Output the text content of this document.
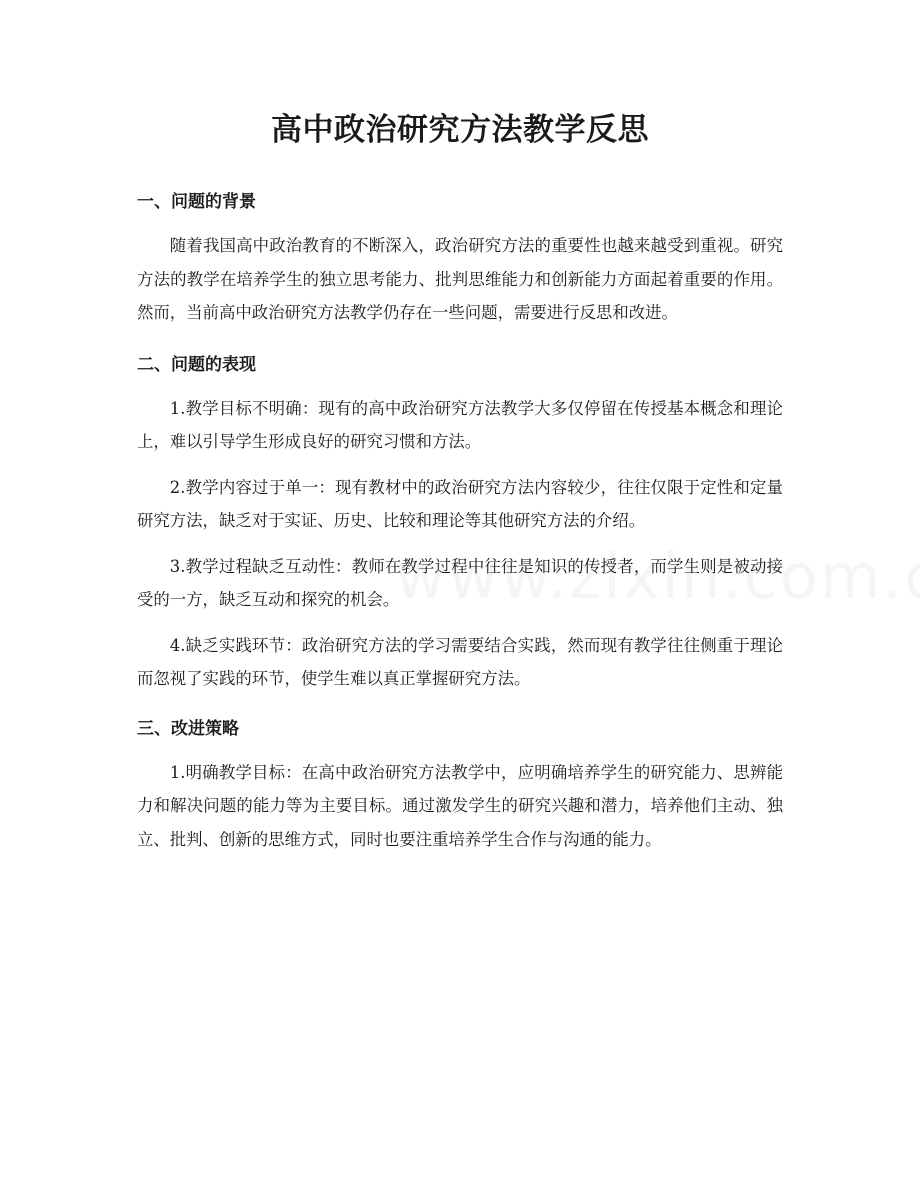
高中政治研究方法教学反思
一、问题的背景

随着我国高中政治教育的不断深入，政治研究方法的重要性也越来越受到重视。研究方法的教学在培养学生的独立思考能力、批判思维能力和创新能力方面起着重要的作用。然而，当前高中政治研究方法教学仍存在一些问题，需要进行反思和改进。

二、问题的表现

1.教学目标不明确：现有的高中政治研究方法教学大多仅停留在传授基本概念和理论上，难以引导学生形成良好的研究习惯和方法。

2.教学内容过于单一：现有教材中的政治研究方法内容较少，往往仅限于定性和定量研究方法，缺乏对于实证、历史、比较和理论等其他研究方法的介绍。

3.教学过程缺乏互动性：教师在教学过程中往往是知识的传授者，而学生则是被动接受的一方，缺乏互动和探究的机会。

4.缺乏实践环节：政治研究方法的学习需要结合实践，然而现有教学往往侧重于理论而忽视了实践的环节，使学生难以真正掌握研究方法。

三、改进策略

1.明确教学目标：在高中政治研究方法教学中，应明确培养学生的研究能力、思辨能力和解决问题的能力等为主要目标。通过激发学生的研究兴趣和潜力，培养他们主动、独立、批判、创新的思维方式，同时也要注重培养学生合作与沟通的能力。
